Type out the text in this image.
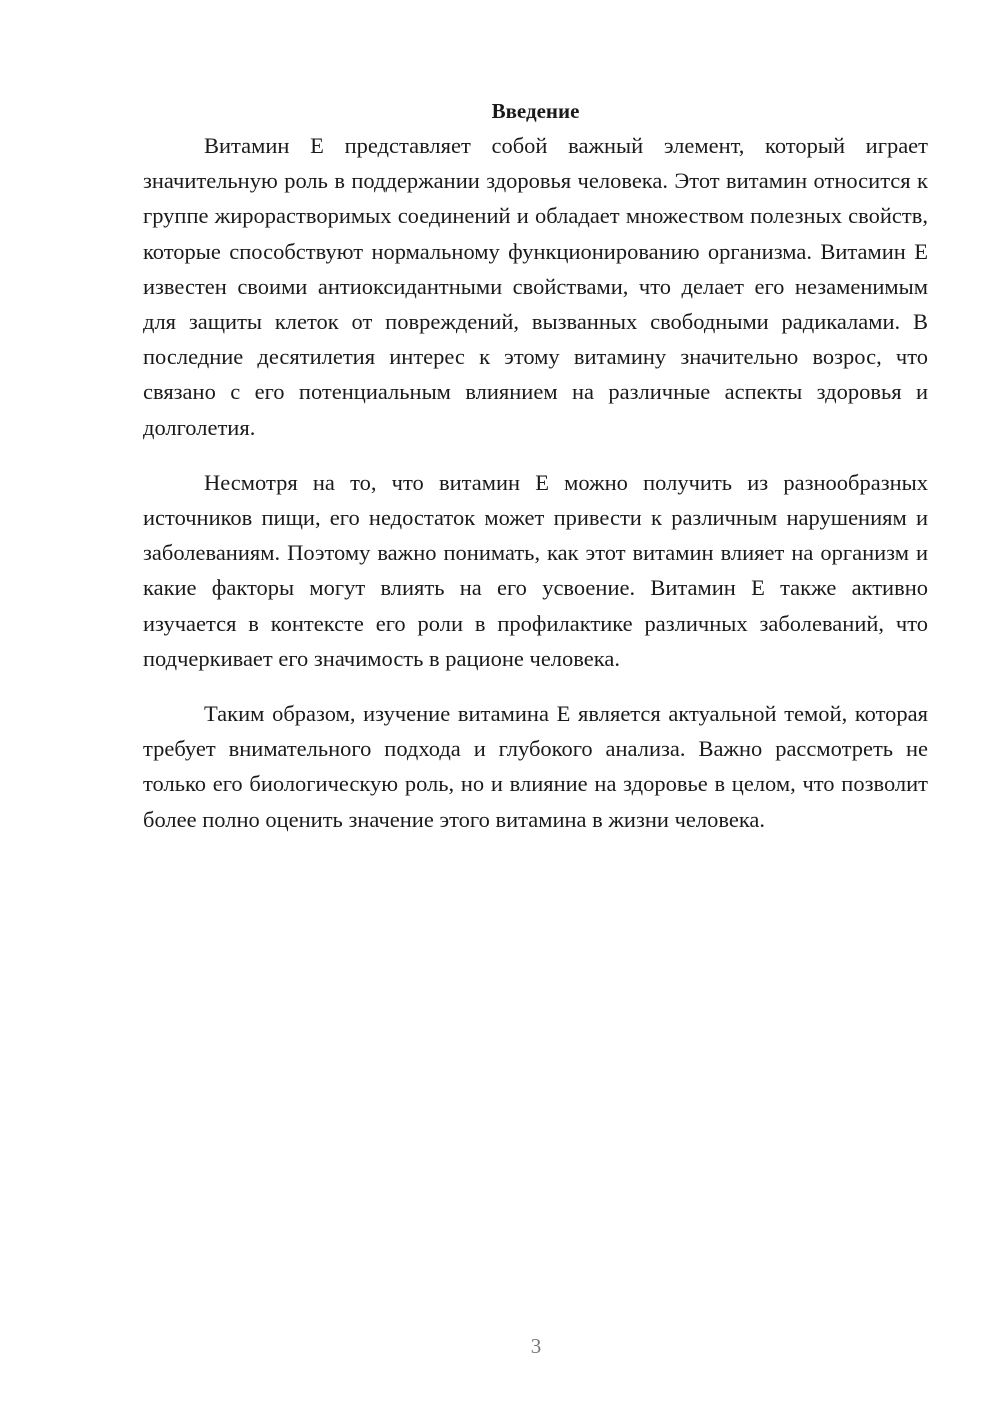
Введение

Витамин E представляет собой важный элемент, который играет значительную роль в поддержании здоровья человека. Этот витамин относится к группе жирорастворимых соединений и обладает множеством полезных свойств, которые способствуют нормальному функционированию организма. Витамин E известен своими антиоксидантными свойствами, что делает его незаменимым для защиты клеток от повреждений, вызванных свободными радикалами. В последние десятилетия интерес к этому витамину значительно возрос, что связано с его потенциальным влиянием на различные аспекты здоровья и долголетия.

Несмотря на то, что витамин E можно получить из разнообразных источников пищи, его недостаток может привести к различным нарушениям и заболеваниям. Поэтому важно понимать, как этот витамин влияет на организм и какие факторы могут влиять на его усвоение. Витамин E также активно изучается в контексте его роли в профилактике различных заболеваний, что подчеркивает его значимость в рационе человека.

Таким образом, изучение витамина E является актуальной темой, которая требует внимательного подхода и глубокого анализа. Важно рассмотреть не только его биологическую роль, но и влияние на здоровье в целом, что позволит более полно оценить значение этого витамина в жизни человека.

3
